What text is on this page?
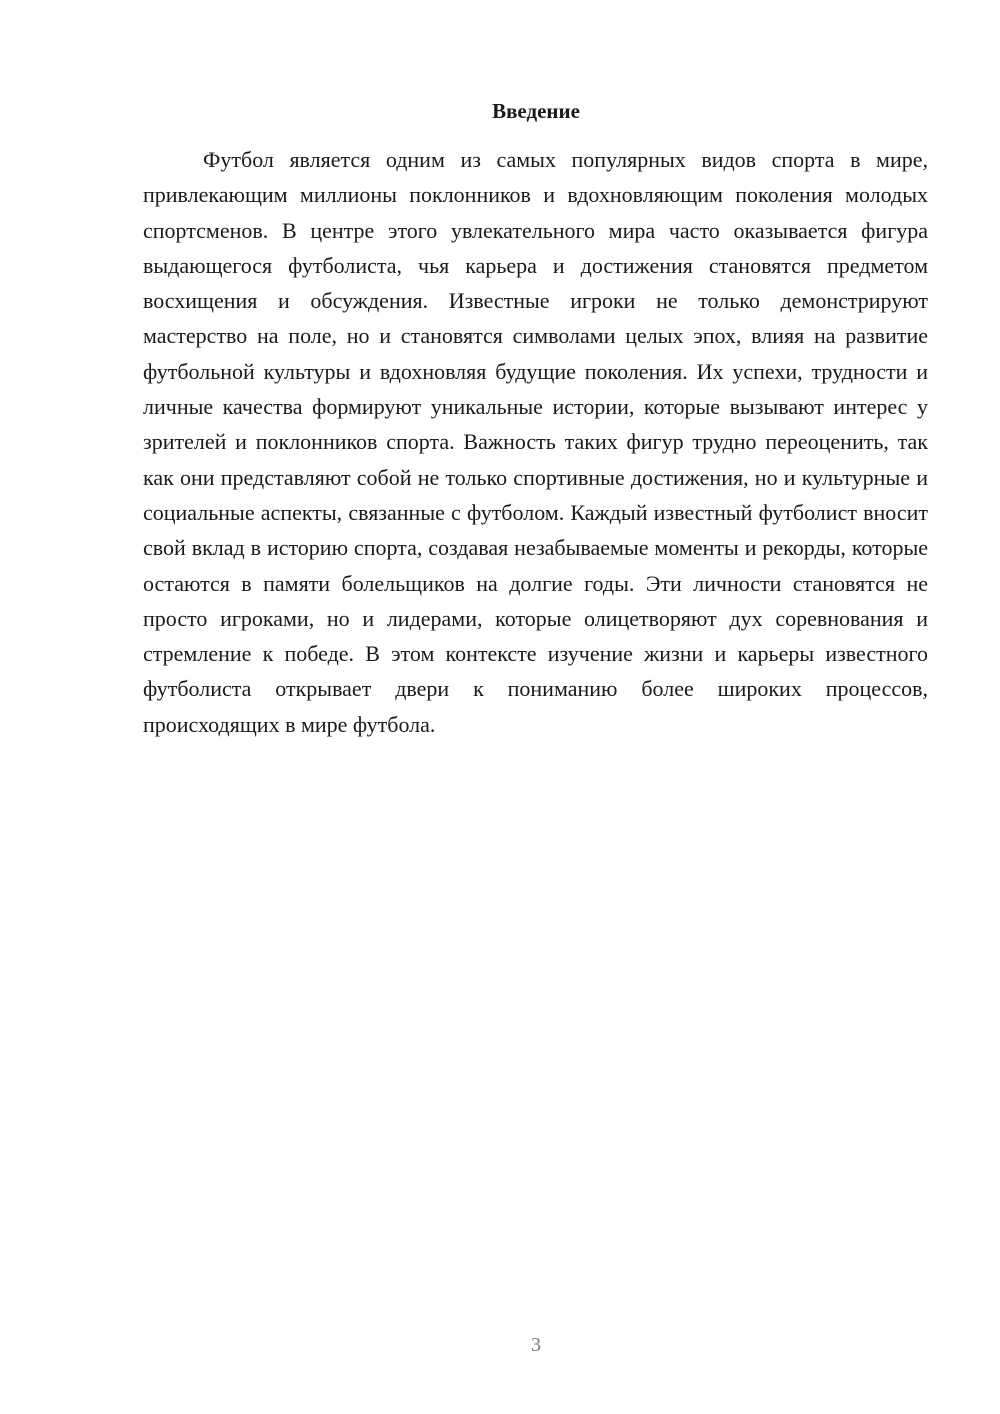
Введение

Футбол является одним из самых популярных видов спорта в мире, привлекающим миллионы поклонников и вдохновляющим поколения молодых спортсменов. В центре этого увлекательного мира часто оказывается фигура выдающегося футболиста, чья карьера и достижения становятся предметом восхищения и обсуждения. Известные игроки не только демонстрируют мастерство на поле, но и становятся символами целых эпох, влияя на развитие футбольной культуры и вдохновляя будущие поколения. Их успехи, трудности и личные качества формируют уникальные истории, которые вызывают интерес у зрителей и поклонников спорта. Важность таких фигур трудно переоценить, так как они представляют собой не только спортивные достижения, но и культурные и социальные аспекты, связанные с футболом. Каждый известный футболист вносит свой вклад в историю спорта, создавая незабываемые моменты и рекорды, которые остаются в памяти болельщиков на долгие годы. Эти личности становятся не просто игроками, но и лидерами, которые олицетворяют дух соревнования и стремление к победе. В этом контексте изучение жизни и карьеры известного футболиста открывает двери к пониманию более широких процессов, происходящих в мире футбола.

3
